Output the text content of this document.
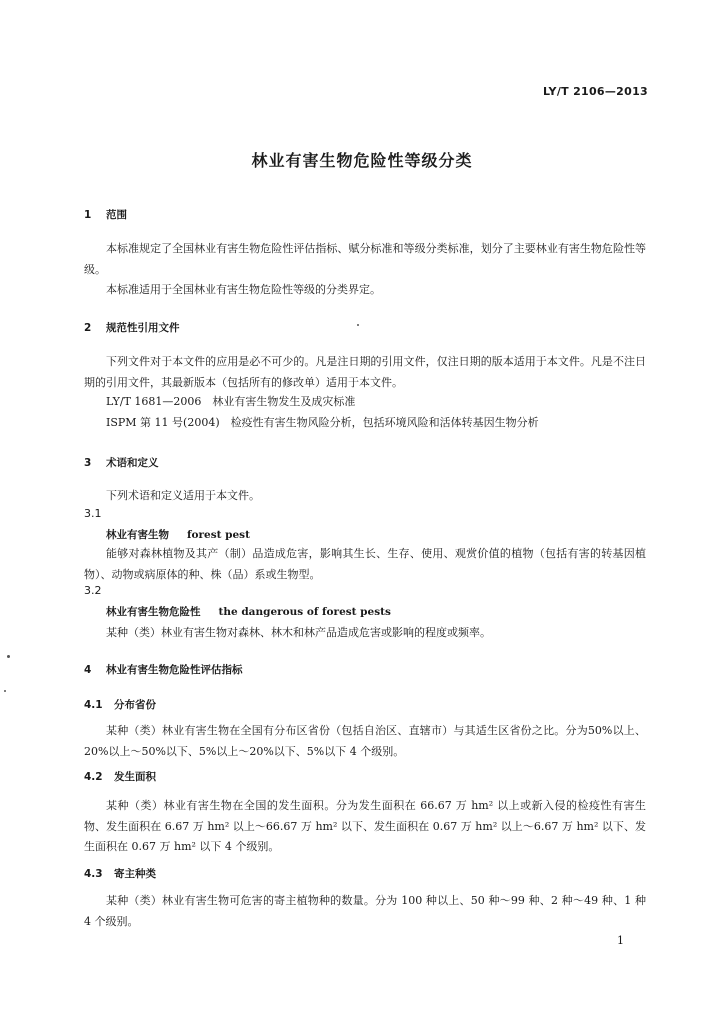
LY/T 2106—2013
林业有害生物危险性等级分类
1 范围
本标准规定了全国林业有害生物危险性评估指标、赋分标准和等级分类标准，划分了主要林业有害生物危险性等级。
本标准适用于全国林业有害生物危险性等级的分类界定。
2 规范性引用文件
下列文件对于本文件的应用是必不可少的。凡是注日期的引用文件，仅注日期的版本适用于本文件。凡是不注日期的引用文件，其最新版本（包括所有的修改单）适用于本文件。
LY/T 1681—2006　林业有害生物发生及成灾标准
ISPM 第 11 号(2004)　检疫性有害生物风险分析，包括环境风险和活体转基因生物分析
3 术语和定义
下列术语和定义适用于本文件。
3.1
林业有害生物 forest pest
能够对森林植物及其产（制）品造成危害，影响其生长、生存、使用、观赏价值的植物（包括有害的转基因植物）、动物或病原体的种、株（品）系或生物型。
3.2
林业有害生物危险性 the dangerous of forest pests
某种（类）林业有害生物对森林、林木和林产品造成危害或影响的程度或频率。
4 林业有害生物危险性评估指标
4.1 分布省份
某种（类）林业有害生物在全国有分布区省份（包括自治区、直辖市）与其适生区省份之比。分为50%以上、20%以上～50%以下、5%以上～20%以下、5%以下 4 个级别。
4.2 发生面积
某种（类）林业有害生物在全国的发生面积。分为发生面积在 66.67 万 hm² 以上或新入侵的检疫性有害生物、发生面积在 6.67 万 hm² 以上～66.67 万 hm² 以下、发生面积在 0.67 万 hm² 以上～6.67 万 hm² 以下、发生面积在 0.67 万 hm² 以下 4 个级别。
4.3 寄主种类
某种（类）林业有害生物可危害的寄主植物种的数量。分为 100 种以上、50 种～99 种、2 种～49 种、1 种 4 个级别。
1
